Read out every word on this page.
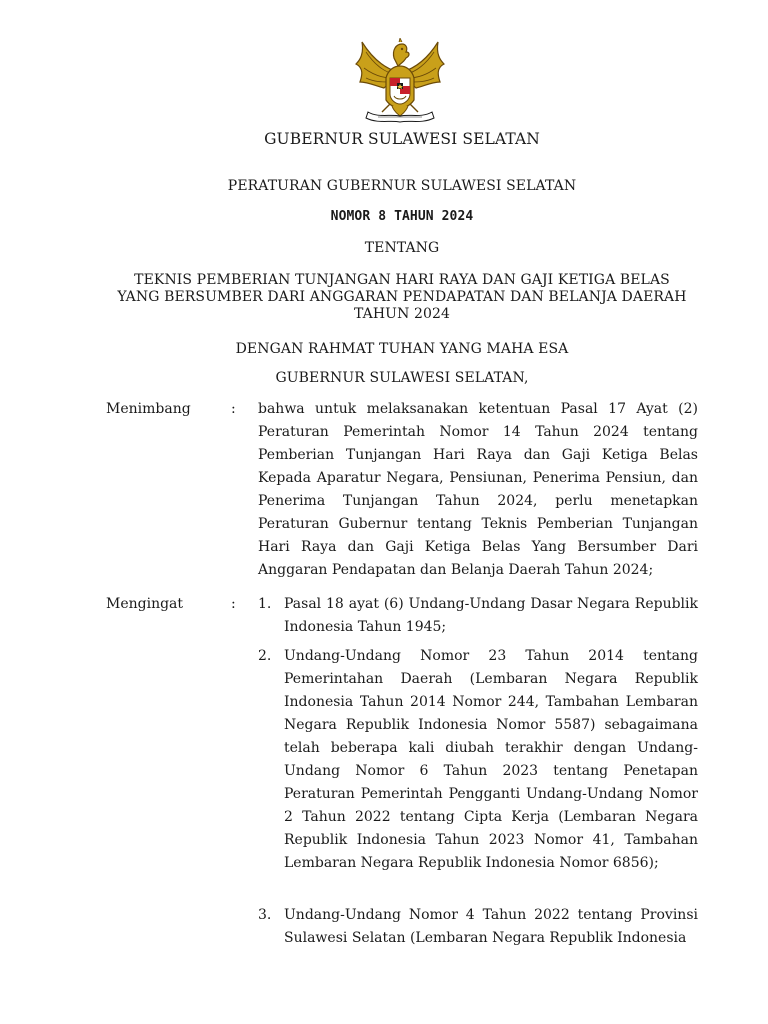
GUBERNUR SULAWESI SELATAN
PERATURAN GUBERNUR SULAWESI SELATAN
NOMOR 8 TAHUN 2024
TENTANG
TEKNIS PEMBERIAN TUNJANGAN HARI RAYA DAN GAJI KETIGA BELAS
YANG BERSUMBER DARI ANGGARAN PENDAPATAN DAN BELANJA DAERAH
TAHUN 2024
DENGAN RAHMAT TUHAN YANG MAHA ESA
GUBERNUR SULAWESI SELATAN,
Menimbang	: bahwa untuk melaksanakan ketentuan Pasal 17 Ayat (2) Peraturan Pemerintah Nomor 14 Tahun 2024 tentang Pemberian Tunjangan Hari Raya dan Gaji Ketiga Belas Kepada Aparatur Negara, Pensiunan, Penerima Pensiun, dan Penerima Tunjangan Tahun 2024, perlu menetapkan Peraturan Gubernur tentang Teknis Pemberian Tunjangan Hari Raya dan Gaji Ketiga Belas Yang Bersumber Dari Anggaran Pendapatan dan Belanja Daerah Tahun 2024;
Mengingat	: 1. Pasal 18 ayat (6) Undang-Undang Dasar Negara Republik Indonesia Tahun 1945;
2. Undang-Undang Nomor 23 Tahun 2014 tentang Pemerintahan Daerah (Lembaran Negara Republik Indonesia Tahun 2014 Nomor 244, Tambahan Lembaran Negara Republik Indonesia Nomor 5587) sebagaimana telah beberapa kali diubah terakhir dengan Undang-Undang Nomor 6 Tahun 2023 tentang Penetapan Peraturan Pemerintah Pengganti Undang-Undang Nomor 2 Tahun 2022 tentang Cipta Kerja (Lembaran Negara Republik Indonesia Tahun 2023 Nomor 41, Tambahan Lembaran Negara Republik Indonesia Nomor 6856);
3. Undang-Undang Nomor 4 Tahun 2022 tentang Provinsi Sulawesi Selatan (Lembaran Negara Republik Indonesia
